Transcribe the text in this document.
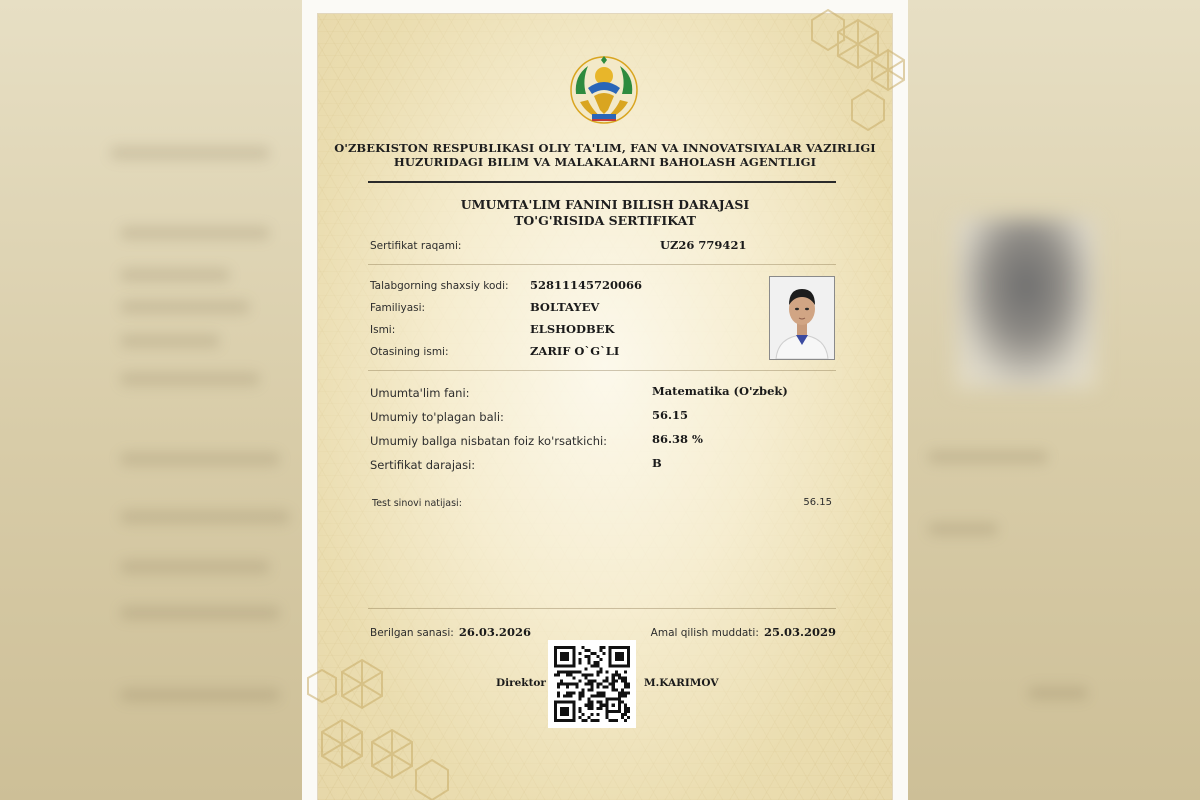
O'ZBEKISTON RESPUBLIKASI OLIY TA'LIM, FAN VA INNOVATSIYALAR VAZIRLIGI
HUZURIDAGI BILIM VA MALAKALARNI BAHOLASH AGENTLIGI
UMUMTA'LIM FANINI BILISH DARAJASI
TO'G'RISIDA SERTIFIKAT
Sertifikat raqami:	UZ26 779421
Talabgorning shaxsiy kodi: 52811145720066
Familiyasi:	BOLTAYEV
Ismi:	ELSHODBEK
Otasining ismi:	ZARIF O`G`LI
Umumta'lim fani:	Matematika (O'zbek)
Umumiy to'plagan bali:	56.15
Umumiy ballga nisbatan foiz ko'rsatkichi:	86.38 %
Sertifikat darajasi:	B
Test sinovi natijasi:	56.15
Berilgan sanasi: 26.03.2026	Amal qilish muddati: 25.03.2029
Direktor	M.KARIMOV
